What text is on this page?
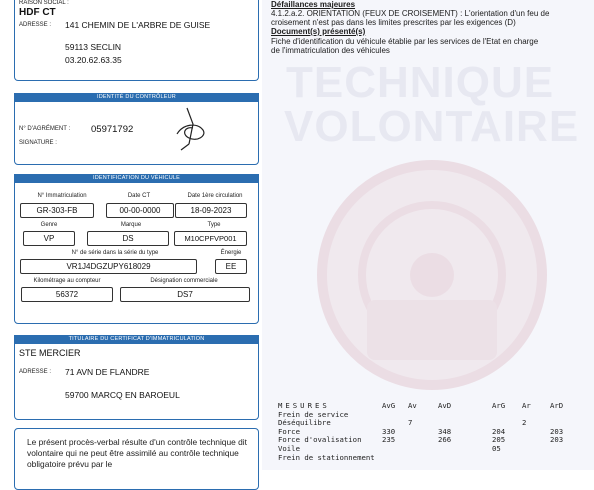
RAISON SOCIAL :
HDF CT
ADRESSE : 141 CHEMIN DE L'ARBRE DE GUISE
59113 SECLIN
03.20.62.63.35
IDENTITÉ DU CONTRÔLEUR
N° D'AGRÉMENT : 05971792
SIGNATURE :
IDENTIFICATION DU VÉHICULE
N° Immatriculation
GR-303-FB
Date CT
00-00-0000
Date 1ère circulation
18-09-2023
Genre
VP
Marque
DS
Type
M10CPFVP001
N° de série dans la série du type
VR1J4DGZUPY618029
Énergie
EE
Kilométrage au compteur
56372
Désignation commerciale
DS7
TITULAIRE DU CERTIFICAT D'IMMATRICULATION
STE MERCIER
ADRESSE : 71 AVN DE FLANDRE
59700 MARCQ EN BAROEUL
Le présent procès-verbal résulte d'un contrôle technique dit volontaire qui ne peut être assimilé au contrôle technique obligatoire prévu par le
TECHNIQUE
VOLONTAIRE
Défaillances majeures
4.1.2.a.2. ORIENTATION (FEUX DE CROISEMENT) : L'orientation d'un feu de
croisement n'est pas dans les limites prescrites par les exigences (D)
Document(s) présenté(s)
Fiche d'identification du véhicule établie par les services de l'Etat en charge
de l'immatriculation des véhicules
MESURES	AvG	Av	AvD	ArG	Ar	ArD
Frein de service						
Déséquilibre		7			2	
Force	330		348	204		203
Force d'ovalisation	235		266	205		203
Voile				05		
Frein de stationnement						
